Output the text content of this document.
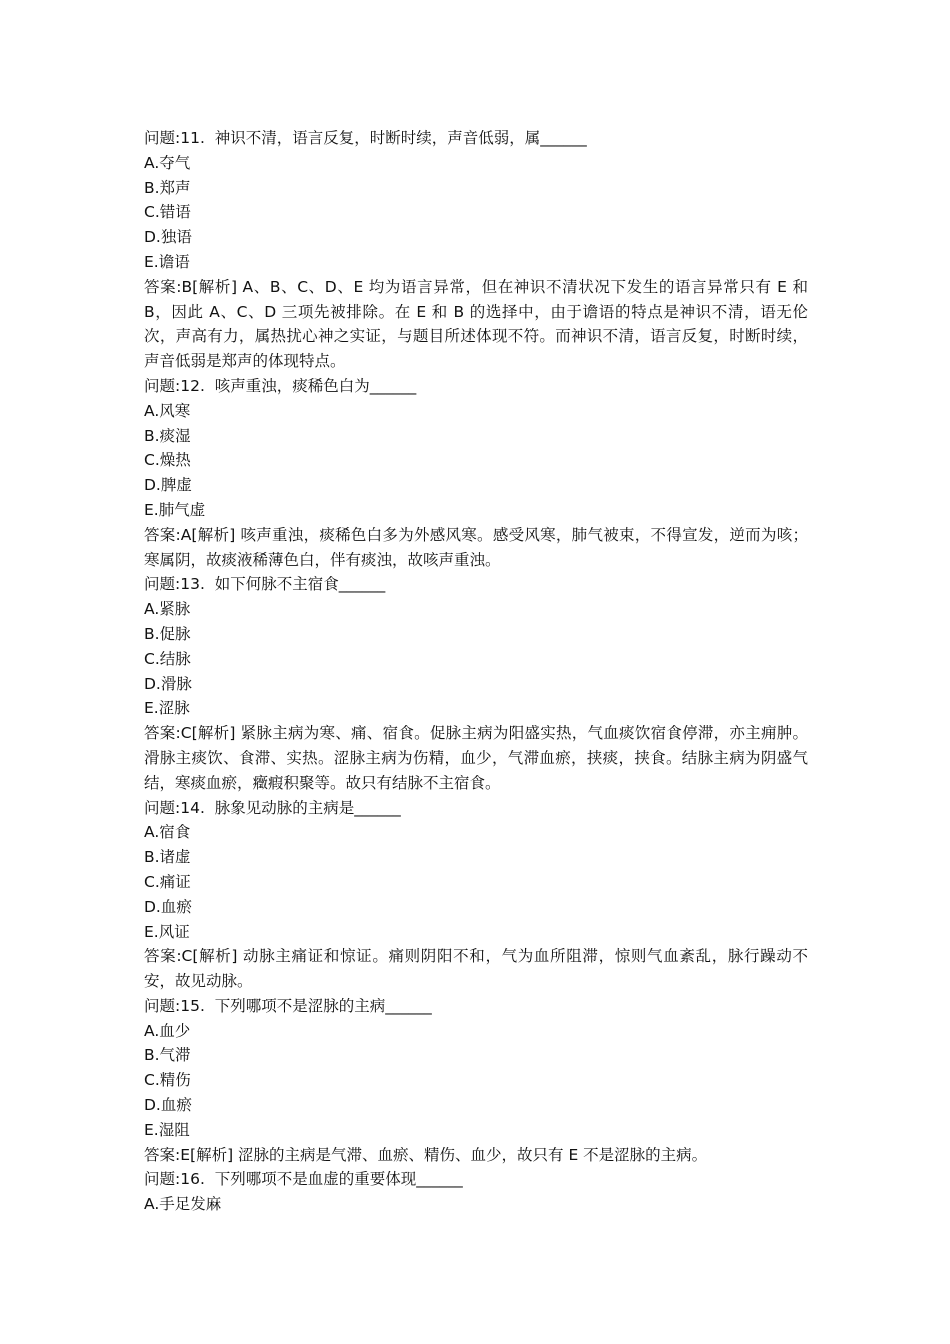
问题:11.  神识不清，语言反复，时断时续，声音低弱，属______

A.夺气

B.郑声

C.错语

D.独语

E.谵语

答案:B[解析] A、B、C、D、E 均为语言异常，但在神识不清状况下发生的语言异常只有 E 和 B，因此 A、C、D 三项先被排除。在 E 和 B 的选择中，由于谵语的特点是神识不清，语无伦次，声高有力，属热扰心神之实证，与题目所述体现不符。而神识不清，语言反复，时断时续，声音低弱是郑声的体现特点。

问题:12.  咳声重浊，痰稀色白为______

A.风寒

B.痰湿

C.燥热

D.脾虚

E.肺气虚

答案:A[解析] 咳声重浊，痰稀色白多为外感风寒。感受风寒，肺气被束，不得宣发，逆而为咳；寒属阴，故痰液稀薄色白，伴有痰浊，故咳声重浊。

问题:13.  如下何脉不主宿食______

A.紧脉

B.促脉

C.结脉

D.滑脉

E.涩脉

答案:C[解析] 紧脉主病为寒、痛、宿食。促脉主病为阳盛实热，气血痰饮宿食停滞，亦主痈肿。滑脉主痰饮、食滞、实热。涩脉主病为伤精，血少，气滞血瘀，挟痰，挟食。结脉主病为阴盛气结，寒痰血瘀，癥瘕积聚等。故只有结脉不主宿食。

问题:14.  脉象见动脉的主病是______

A.宿食

B.诸虚

C.痛证

D.血瘀

E.风证

答案:C[解析] 动脉主痛证和惊证。痛则阴阳不和，气为血所阻滞，惊则气血紊乱，脉行躁动不安，故见动脉。

问题:15.  下列哪项不是涩脉的主病______

A.血少

B.气滞

C.精伤

D.血瘀

E.湿阻

答案:E[解析] 涩脉的主病是气滞、血瘀、精伤、血少，故只有 E 不是涩脉的主病。

问题:16.  下列哪项不是血虚的重要体现______

A.手足发麻
